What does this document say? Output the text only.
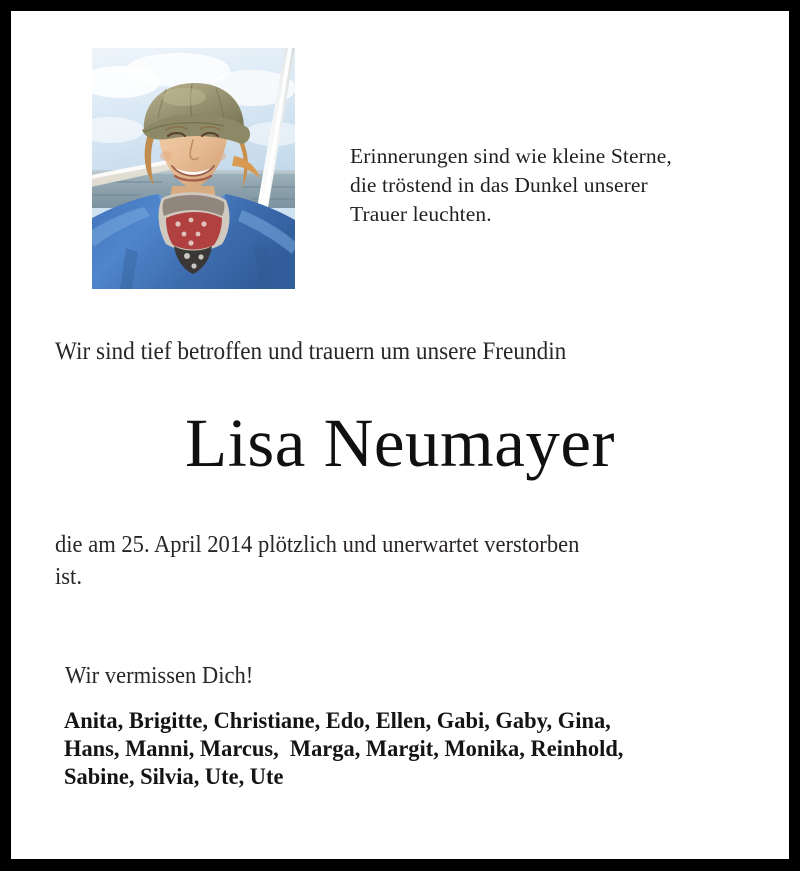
Erinnerungen sind wie kleine Sterne,
die tröstend in das Dunkel unserer
Trauer leuchten.
Wir sind tief betroffen und trauern um unsere Freundin
Lisa Neumayer
die am 25. April 2014 plötzlich und unerwartet verstorben
ist.
Wir vermissen Dich!
Anita, Brigitte, Christiane, Edo, Ellen, Gabi, Gaby, Gina,
Hans, Manni, Marcus,  Marga, Margit, Monika, Reinhold,
Sabine, Silvia, Ute, Ute
